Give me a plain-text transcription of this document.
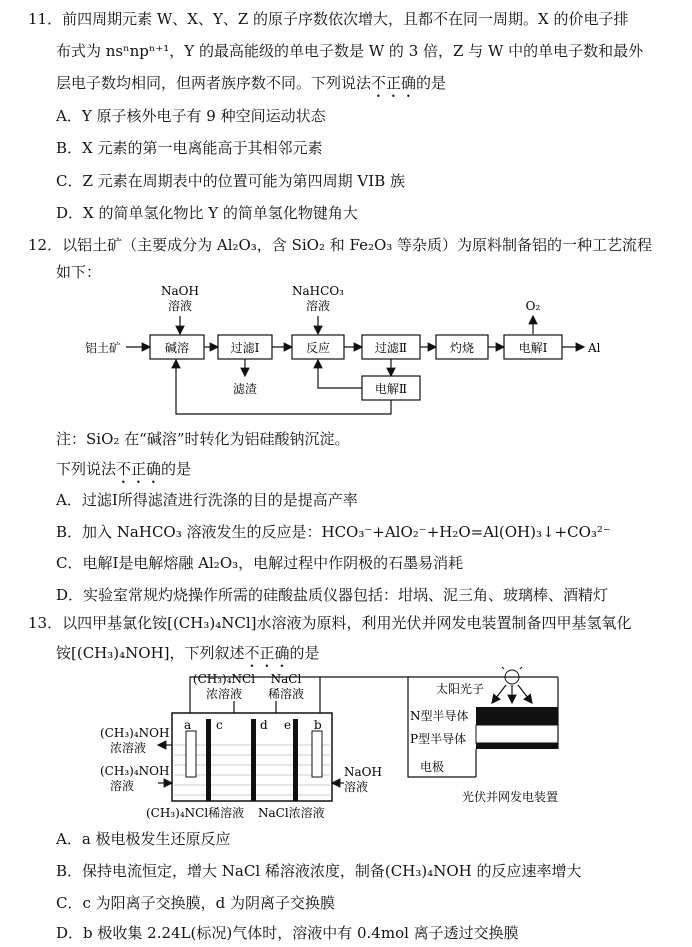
11．前四周期元素 W、X、Y、Z 的原子序数依次增大，且都不在同一周期。X 的价电子排
布式为 nsⁿnpⁿ⁺¹，Y 的最高能级的单电子数是 W 的 3 倍，Z 与 W 中的单电子数和最外
层电子数均相同，但两者族序数不同。下列说法不正确的是
A．Y 原子核外电子有 9 种空间运动状态
B．X 元素的第一电离能高于其相邻元素
C．Z 元素在周期表中的位置可能为第四周期 VIB 族
D．X 的简单氢化物比 Y 的简单氢化物键角大
12．以铝土矿（主要成分为 Al₂O₃，含 SiO₂ 和 Fe₂O₃ 等杂质）为原料制备铝的一种工艺流程
如下：
NaOH
溶液
NaHCO₃
溶液	O₂
铝土矿	碱溶	过滤Ⅰ	反应	过滤Ⅱ	灼烧	电解Ⅰ	Al
滤渣	电解Ⅱ
注：SiO₂ 在“碱溶”时转化为铝硅酸钠沉淀。
下列说法不正确的是
A．过滤Ⅰ所得滤渣进行洗涤的目的是提高产率
B．加入 NaHCO₃ 溶液发生的反应是：HCO₃⁻+AlO₂⁻+H₂O=Al(OH)₃↓+CO₃²⁻
C．电解Ⅰ是电解熔融 Al₂O₃，电解过程中作阴极的石墨易消耗
D．实验室常规灼烧操作所需的硅酸盐质仪器包括：坩埚、泥三角、玻璃棒、酒精灯
13．以四甲基氯化铵[(CH₃)₄NCl]水溶液为原料，利用光伏并网发电装置制备四甲基氢氧化
铵[(CH₃)₄NOH]，下列叙述不正确的是
(CH₃)₄NCl
浓溶液
NaCl
稀溶液
a	b
c	d e
(CH₃)₄NOH
浓溶液
(CH₃)₄NOH
溶液
NaOH
溶液
(CH₃)₄NCl稀溶液 NaCl浓溶液
太阳光子
N型半导体
P型半导体
电极
光伏并网发电装置
A．a 极电极发生还原反应
B．保持电流恒定，增大 NaCl 稀溶液浓度，制备(CH₃)₄NOH 的反应速率增大
C．c 为阳离子交换膜，d 为阴离子交换膜
D．b 极收集 2.24L(标况)气体时，溶液中有 0.4mol 离子透过交换膜
